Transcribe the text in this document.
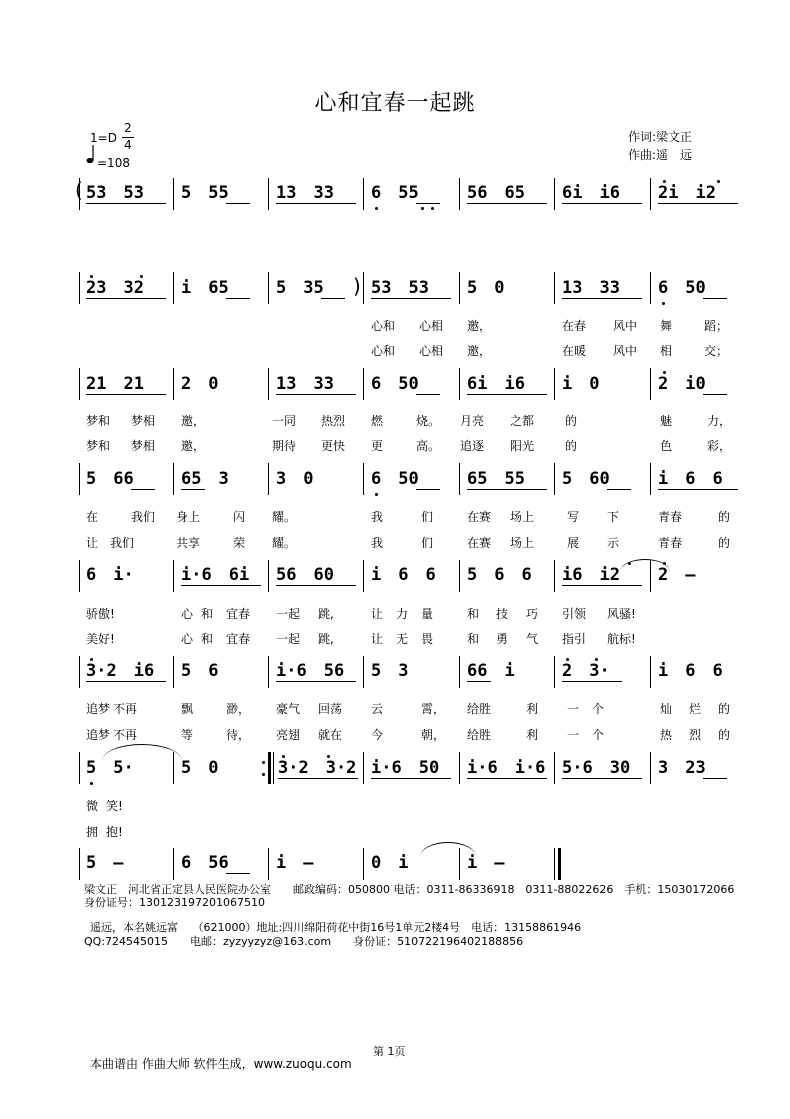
心和宜春一起跳
1=D
2
4
=108
作词:梁文正
作曲:遥　远
( 53　53 5　55	13　33 6　55	56　65 6i　i6 2i　i2
23　32 i　65	5　35 ) 53　53 5　0	13　33 6　50
心和　　心相 邀，	在春 风中 舞	蹈；
心和　　心相 邀，	在暖 风中 相	交；
21　21 2　0	13　33 6　50	6i　i6 i　0	2　i0
梦和 梦相 邀，	一同 热烈 燃	烧。 月亮 之都	的	魅	力，
梦和 梦相 邀，	期待 更快 更	高。 追逐 阳光	的	色	彩，
5　66	65　3	3　0	6　50	65　55 5　60	i　6　6
在	我们 身上	闪 耀。	我	们	在赛 场上	写 下	青春	的
让 我们	共享	荣 耀。	我	们	在赛 场上	展 示	青春	的
6　i·	i·6　6i 56　60 i　6　6 5　6　6 i6　i2 2　—
骄傲!	心 和 宜春 一起 跳,	让 力 量	和 技 巧 引领 风骚!
美好!	心 和 宜春 一起 跳,	让 无 畏	和 勇 气 指引 航标!
3·2　i6 5　6	i·6　56 5　3	66　i	2　3·	i　6　6
追梦 不再	飘	渺， 豪气 回荡 云	霄， 给胜	利 一 个	灿 烂 的
追梦 不再	等	待， 亮翅 就在 今	朝， 给胜	利 一 个	热 烈 的
5　5·	5　0	3·2　3·2 i·6　50 i·6　i·6 5·6　30 3　23
微 笑!
拥 抱!
5　—	6　56	i　—	0　i	i　—
梁文正　河北省正定县人民医院办公室　　邮政编码：050800 电话：0311-86336918　0311-88022626　手机：15030172066
身份证号：130123197201067510
遥远，本名姚远富　 （621000）地址:四川绵阳荷花中街16号1单元2楼4号　电话：13158861946
QQ:724545015　　电邮：zyzyyzyz@163.com　　身份证：510722196402188856
第 1页
本曲谱由 作曲大师 软件生成，www.zuoqu.com
